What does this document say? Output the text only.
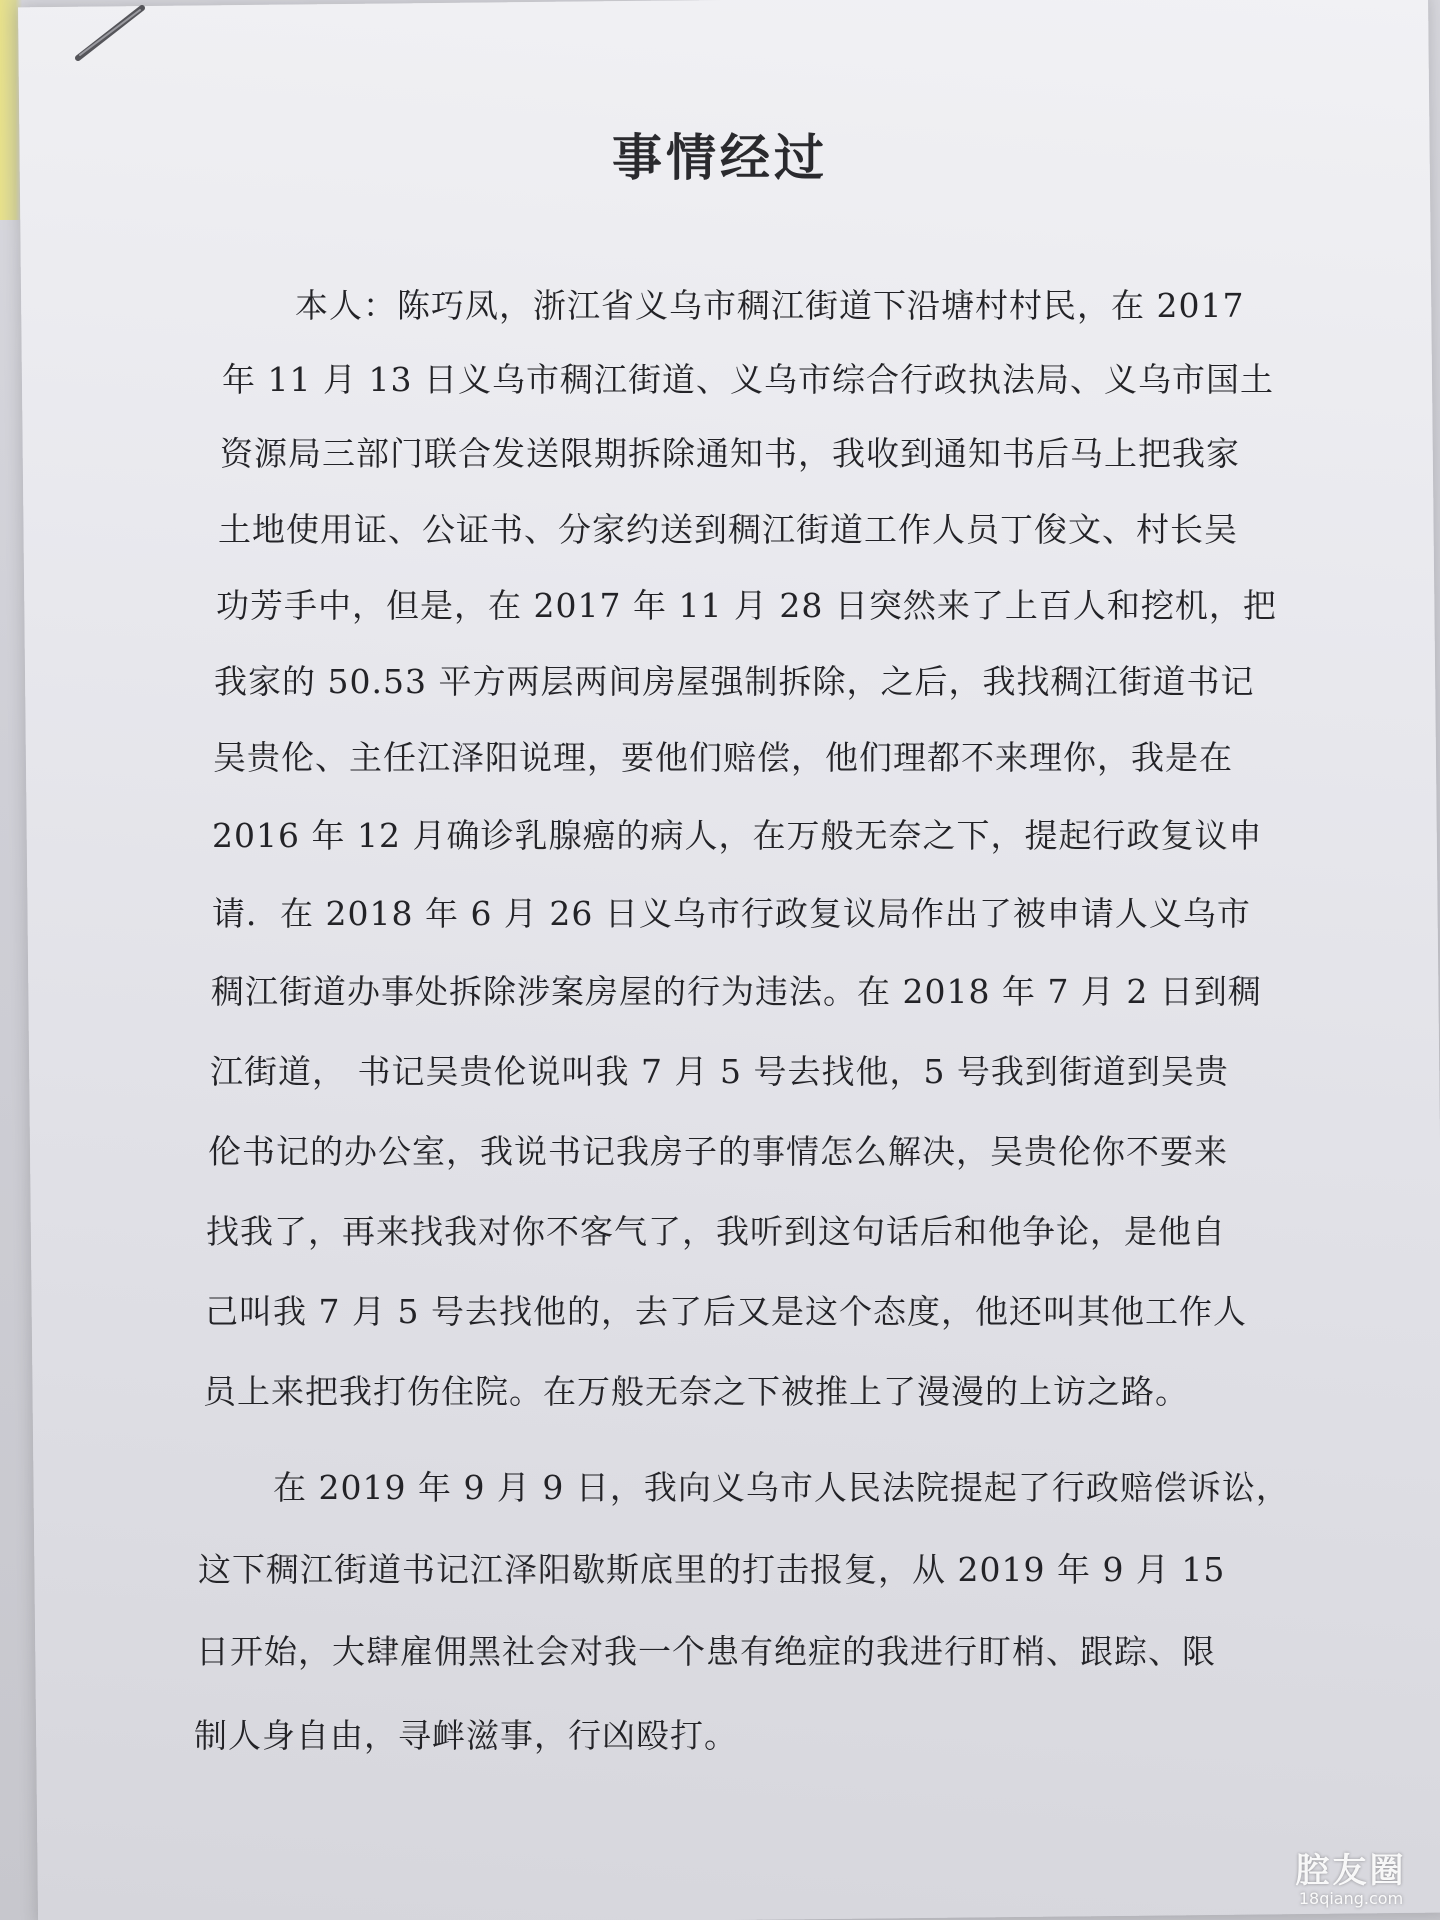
事情经过
本人：陈巧凤，浙江省义乌市稠江街道下沿塘村村民，在 2017
年 11 月 13 日义乌市稠江街道、义乌市综合行政执法局、义乌市国土
资源局三部门联合发送限期拆除通知书，我收到通知书后马上把我家
土地使用证、公证书、分家约送到稠江街道工作人员丁俊文、村长吴
功芳手中，但是，在 2017 年 11 月 28 日突然来了上百人和挖机，把
我家的 50.53 平方两层两间房屋强制拆除，之后，我找稠江街道书记
吴贵伦、主任江泽阳说理，要他们赔偿，他们理都不来理你，我是在
2016 年 12 月确诊乳腺癌的病人，在万般无奈之下，提起行政复议申
请．在 2018 年 6 月 26 日义乌市行政复议局作出了被申请人义乌市
稠江街道办事处拆除涉案房屋的行为违法。在 2018 年 7 月 2 日到稠
江街道， 书记吴贵伦说叫我 7 月 5 号去找他，5 号我到街道到吴贵
伦书记的办公室，我说书记我房子的事情怎么解决，吴贵伦你不要来
找我了，再来找我对你不客气了，我听到这句话后和他争论，是他自
己叫我 7 月 5 号去找他的，去了后又是这个态度，他还叫其他工作人
员上来把我打伤住院。在万般无奈之下被推上了漫漫的上访之路。
在 2019 年 9 月 9 日，我向义乌市人民法院提起了行政赔偿诉讼，
这下稠江街道书记江泽阳歇斯底里的打击报复，从 2019 年 9 月 15
日开始，大肆雇佣黑社会对我一个患有绝症的我进行盯梢、跟踪、限
制人身自由，寻衅滋事，行凶殴打。
腔友圈
18qiang.com
